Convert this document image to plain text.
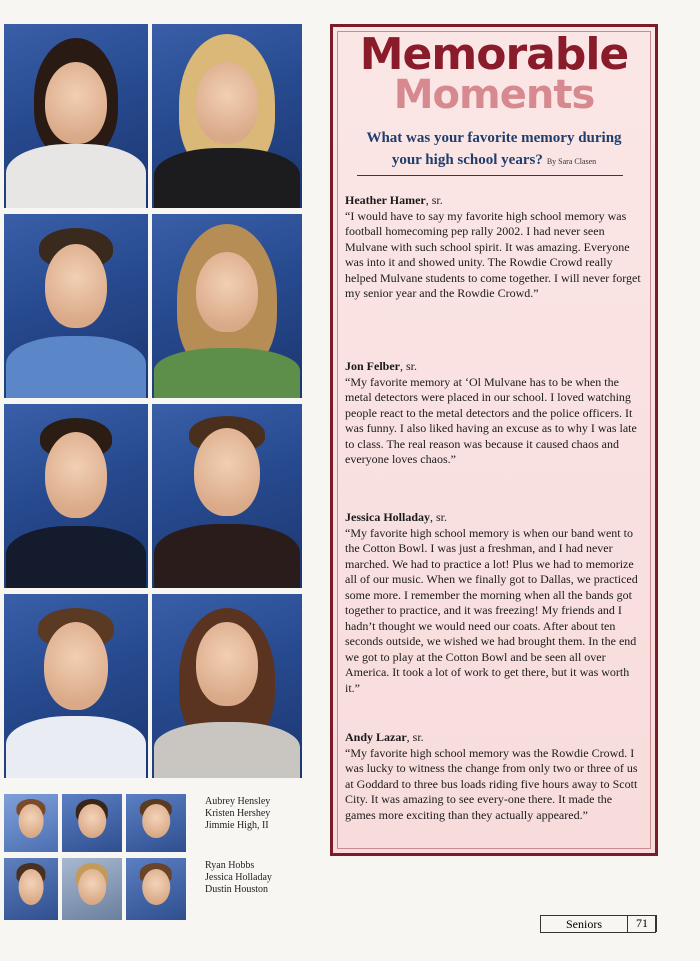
Aubrey Hensley
Kristen Hershey
Jimmie High, II
Ryan Hobbs
Jessica Holladay
Dustin Houston
Memorable
Moments
What was your favorite memory during your high school years? By Sara Clasen
Heather Hamer, sr.
“I would have to say my favorite high school memory was football homecoming pep rally 2002. I had never seen Mulvane with such school spirit. It was amazing. Everyone was into it and showed unity. The Rowdie Crowd really helped Mulvane students to come together. I will never forget my senior year and the Rowdie Crowd.”
Jon Felber, sr.
“My favorite memory at ‘Ol Mulvane has to be when the metal detectors were placed in our school. I loved watching people react to the metal detectors and the police officers. It was funny. I also liked having an excuse as to why I was late to class. The real reason was because it caused chaos and everyone loves chaos.”
Jessica Holladay, sr.
“My favorite high school memory is when our band went to the Cotton Bowl. I was just a freshman, and I had never marched. We had to practice a lot! Plus we had to memorize all of our music. When we finally got to Dallas, we practiced some more. I remember the morning when all the bands got together to practice, and it was freezing! My friends and I hadn’t thought we would need our coats. After about ten seconds outside, we wished we had brought them. In the end we got to play at the Cotton Bowl and be seen all over America. It took a lot of work to get there, but it was worth it.”
Andy Lazar, sr.
“My favorite high school memory was the Rowdie Crowd. I was lucky to witness the change from only two or three of us at Goddard to three bus loads riding five hours away to Scott City. It was amazing to see every-one there. It made the games more exciting than they actually appeared.”
Seniors	71
